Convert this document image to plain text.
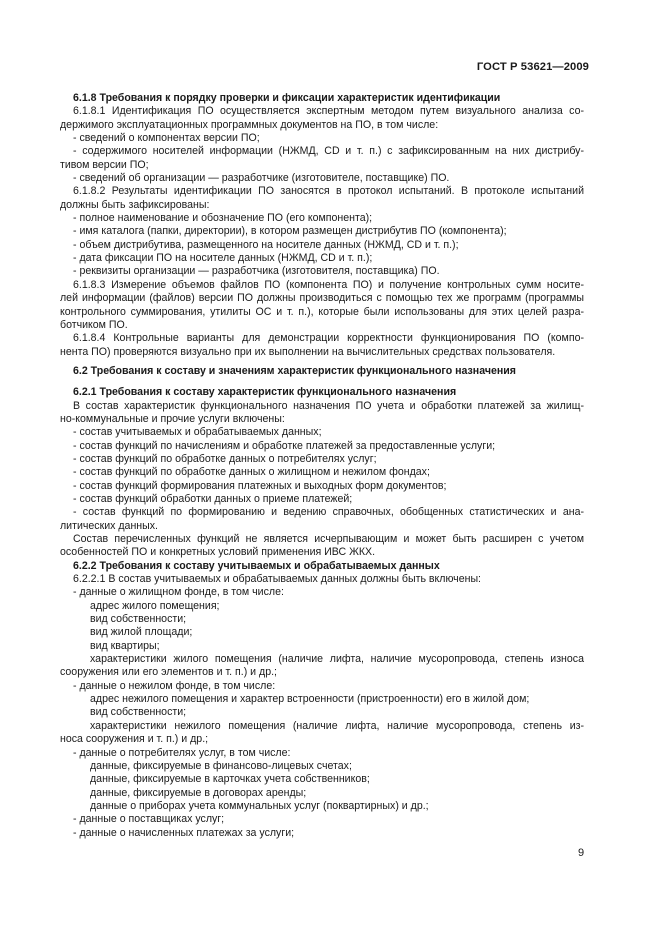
ГОСТ Р 53621—2009
6.1.8 Требования к порядку проверки и фиксации характеристик идентификации
6.1.8.1 Идентификация ПО осуществляется экспертным методом путем визуального анализа со-
держимого эксплуатационных программных документов на ПО, в том числе:
- сведений о компонентах версии ПО;
- содержимого носителей информации (НЖМД, CD и т. п.) с зафиксированным на них дистрибу-
тивом версии ПО;
- сведений об организации — разработчике (изготовителе, поставщике) ПО.
6.1.8.2 Результаты идентификации ПО заносятся в протокол испытаний. В протоколе испытаний
должны быть зафиксированы:
- полное наименование и обозначение ПО (его компонента);
- имя каталога (папки, директории), в котором размещен дистрибутив ПО (компонента);
- объем дистрибутива, размещенного на носителе данных (НЖМД, CD и т. п.);
- дата фиксации ПО на носителе данных (НЖМД, CD и т. п.);
- реквизиты организации — разработчика (изготовителя, поставщика) ПО.
6.1.8.3 Измерение объемов файлов ПО (компонента ПО) и получение контрольных сумм носите-
лей информации (файлов) версии ПО должны производиться с помощью тех же программ (программы
контрольного суммирования, утилиты ОС и т. п.), которые были использованы для этих целей разра-
ботчиком ПО.
6.1.8.4 Контрольные варианты для демонстрации корректности функционирования ПО (компо-
нента ПО) проверяются визуально при их выполнении на вычислительных средствах пользователя.
6.2 Требования к составу и значениям характеристик функционального назначения
6.2.1 Требования к составу характеристик функционального назначения
В состав характеристик функционального назначения ПО учета и обработки платежей за жилищ-
но-коммунальные и прочие услуги включены:
- состав учитываемых и обрабатываемых данных;
- состав функций по начислениям и обработке платежей за предоставленные услуги;
- состав функций по обработке данных о потребителях услуг;
- состав функций по обработке данных о жилищном и нежилом фондах;
- состав функций формирования платежных и выходных форм документов;
- состав функций обработки данных о приеме платежей;
- состав функций по формированию и ведению справочных, обобщенных статистических и ана-
литических данных.
Состав перечисленных функций не является исчерпывающим и может быть расширен с учетом
особенностей ПО и конкретных условий применения ИВС ЖКХ.
6.2.2 Требования к составу учитываемых и обрабатываемых данных
6.2.2.1 В состав учитываемых и обрабатываемых данных должны быть включены:
- данные о жилищном фонде, в том числе:
адрес жилого помещения;
вид собственности;
вид жилой площади;
вид квартиры;
характеристики жилого помещения (наличие лифта, наличие мусоропровода, степень износа
сооружения или его элементов и т. п.) и др.;
- данные о нежилом фонде, в том числе:
адрес нежилого помещения и характер встроенности (пристроенности) его в жилой дом;
вид собственности;
характеристики нежилого помещения (наличие лифта, наличие мусоропровода, степень из-
носа сооружения и т. п.) и др.;
- данные о потребителях услуг, в том числе:
данные, фиксируемые в финансово-лицевых счетах;
данные, фиксируемые в карточках учета собственников;
данные, фиксируемые в договорах аренды;
данные о приборах учета коммунальных услуг (поквартирных) и др.;
- данные о поставщиках услуг;
- данные о начисленных платежах за услуги;
9
